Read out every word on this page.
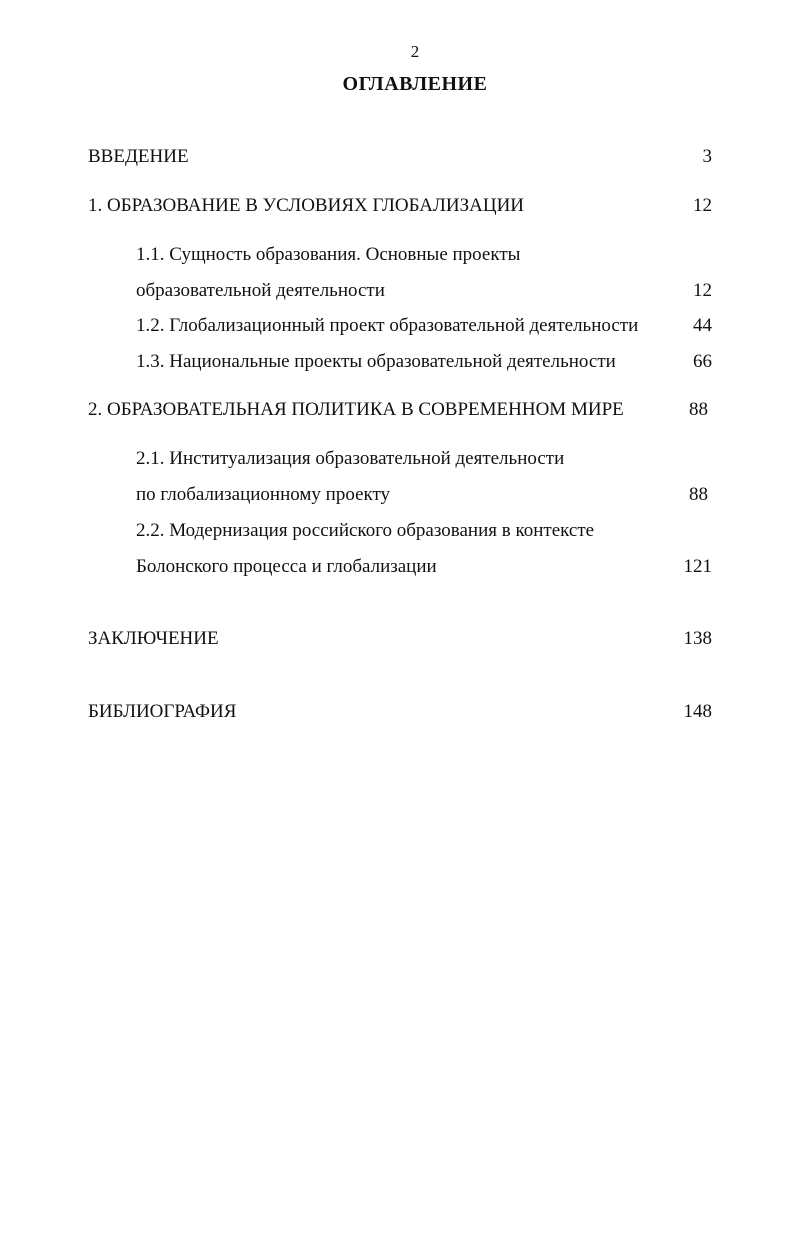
2
ОГЛАВЛЕНИЕ
ВВЕДЕНИЕ	3
1. ОБРАЗОВАНИЕ В УСЛОВИЯХ ГЛОБАЛИЗАЦИИ	12
1.1. Сущность образования. Основные проекты
образовательной деятельности	12
1.2. Глобализационный проект образовательной деятельности	44
1.3. Национальные проекты образовательной деятельности	66
2. ОБРАЗОВАТЕЛЬНАЯ ПОЛИТИКА В СОВРЕМЕННОМ МИРЕ	88
2.1. Институализация образовательной деятельности
по глобализационному проекту	88
2.2. Модернизация российского образования в контексте
Болонского процесса и глобализации	121
ЗАКЛЮЧЕНИЕ	138
БИБЛИОГРАФИЯ	148
